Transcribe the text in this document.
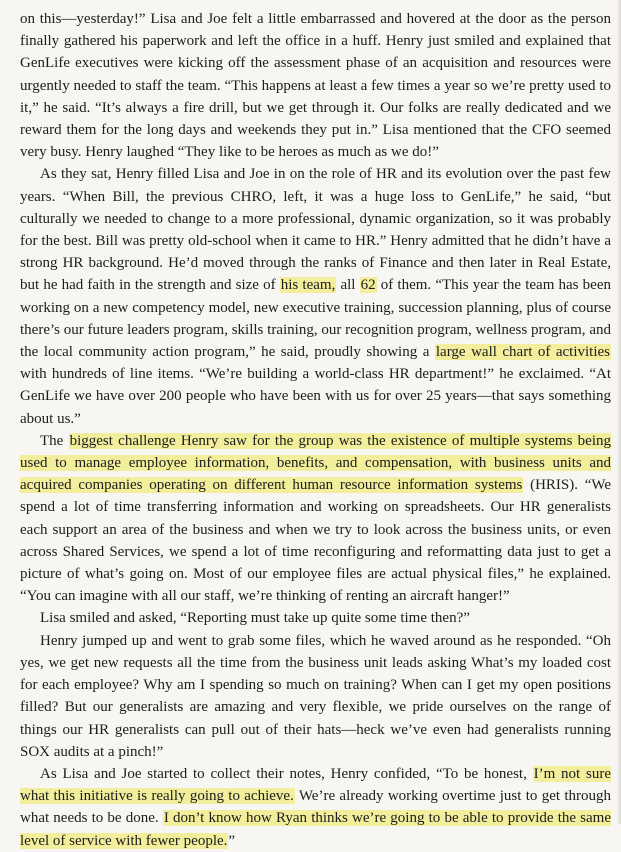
on this—yesterday!” Lisa and Joe felt a little embarrassed and hovered at the door as the person finally gathered his paperwork and left the office in a huff. Henry just smiled and explained that GenLife executives were kicking off the assessment phase of an acquisition and resources were urgently needed to staff the team. “This happens at least a few times a year so we’re pretty used to it,” he said. “It’s always a fire drill, but we get through it. Our folks are really dedicated and we reward them for the long days and weekends they put in.” Lisa mentioned that the CFO seemed very busy. Henry laughed “They like to be heroes as much as we do!”

As they sat, Henry filled Lisa and Joe in on the role of HR and its evolution over the past few years. “When Bill, the previous CHRO, left, it was a huge loss to GenLife,” he said, “but culturally we needed to change to a more professional, dynamic organization, so it was probably for the best. Bill was pretty old-school when it came to HR.” Henry admitted that he didn’t have a strong HR background. He’d moved through the ranks of Finance and then later in Real Estate, but he had faith in the strength and size of his team, all 62 of them. “This year the team has been working on a new competency model, new executive training, succession planning, plus of course there’s our future leaders program, skills training, our recognition program, wellness program, and the local community action program,” he said, proudly showing a large wall chart of activities with hundreds of line items. “We’re building a world-class HR department!” he exclaimed. “At GenLife we have over 200 people who have been with us for over 25 years—that says something about us.”

The biggest challenge Henry saw for the group was the existence of multiple systems being used to manage employee information, benefits, and compensation, with business units and acquired companies operating on different human resource information systems (HRIS). “We spend a lot of time transferring information and working on spreadsheets. Our HR generalists each support an area of the business and when we try to look across the business units, or even across Shared Services, we spend a lot of time reconfiguring and reformatting data just to get a picture of what’s going on. Most of our employee files are actual physical files,” he explained. “You can imagine with all our staff, we’re thinking of renting an aircraft hanger!”

Lisa smiled and asked, “Reporting must take up quite some time then?”

Henry jumped up and went to grab some files, which he waved around as he responded. “Oh yes, we get new requests all the time from the business unit leads asking What’s my loaded cost for each employee? Why am I spending so much on training? When can I get my open positions filled? But our generalists are amazing and very flexible, we pride ourselves on the range of things our HR generalists can pull out of their hats—heck we’ve even had generalists running SOX audits at a pinch!”

As Lisa and Joe started to collect their notes, Henry confided, “To be honest, I’m not sure what this initiative is really going to achieve. We’re already working overtime just to get through what needs to be done. I don’t know how Ryan thinks we’re going to be able to provide the same level of service with fewer people.”
